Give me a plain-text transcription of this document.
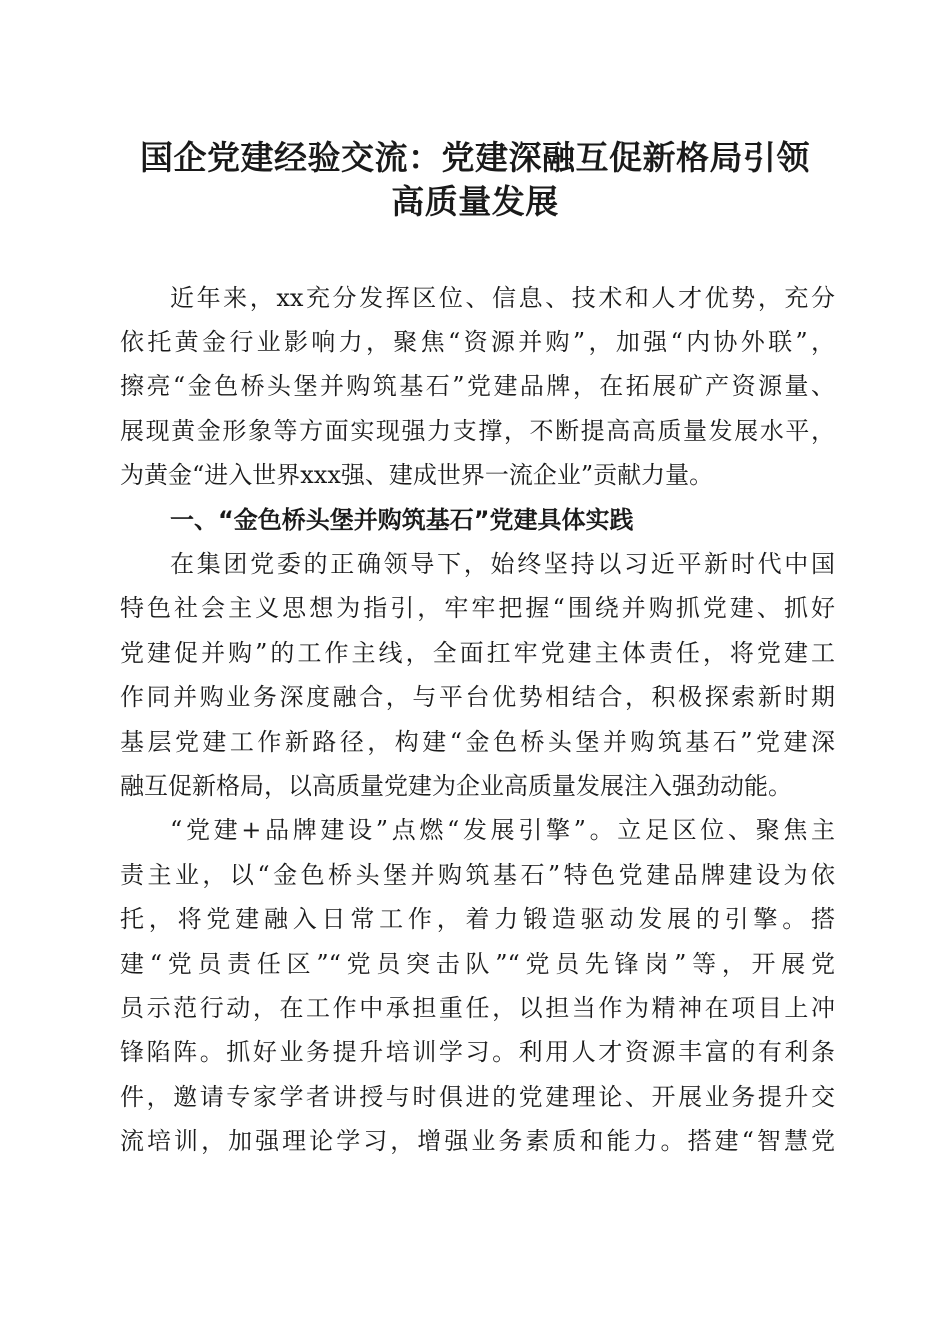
国企党建经验交流：党建深融互促新格局引领
高质量发展
近年来，xx充分发挥区位、信息、技术和人才优势，充分
依托黄金行业影响力，聚焦“资源并购”，加强“内协外联”，
擦亮“金色桥头堡并购筑基石”党建品牌，在拓展矿产资源量、
展现黄金形象等方面实现强力支撑，不断提高高质量发展水平，
为黄金“进入世界xxx强、建成世界一流企业”贡献力量。
一、“金色桥头堡并购筑基石”党建具体实践
在集团党委的正确领导下，始终坚持以习近平新时代中国
特色社会主义思想为指引，牢牢把握“围绕并购抓党建、抓好
党建促并购”的工作主线，全面扛牢党建主体责任，将党建工
作同并购业务深度融合，与平台优势相结合，积极探索新时期
基层党建工作新路径，构建“金色桥头堡并购筑基石”党建深
融互促新格局，以高质量党建为企业高质量发展注入强劲动能。
“党建+品牌建设”点燃“发展引擎”。立足区位、聚焦主
责主业，以“金色桥头堡并购筑基石”特色党建品牌建设为依
托，将党建融入日常工作，着力锻造驱动发展的引擎。搭
建“党员责任区”“党员突击队”“党员先锋岗”等，开展党
员示范行动，在工作中承担重任，以担当作为精神在项目上冲
锋陷阵。抓好业务提升培训学习。利用人才资源丰富的有利条
件，邀请专家学者讲授与时俱进的党建理论、开展业务提升交
流培训，加强理论学习，增强业务素质和能力。搭建“智慧党
